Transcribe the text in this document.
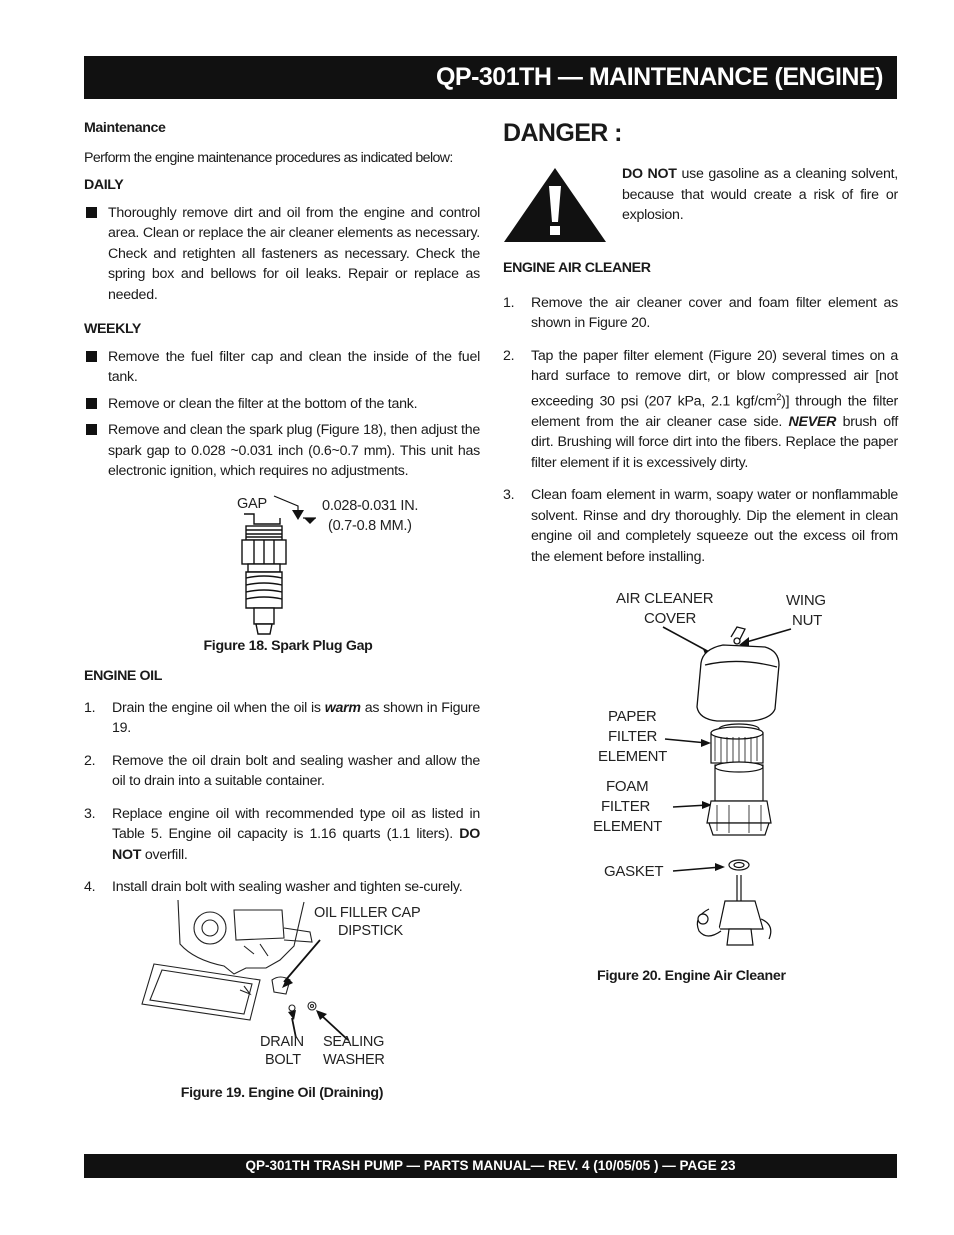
QP-301TH — MAINTENANCE (ENGINE)

Maintenance

Perform the engine maintenance procedures as indicated below:

DAILY

Thoroughly remove dirt and oil from the engine and control area. Clean or replace the air cleaner elements as necessary. Check and retighten all fasteners as necessary. Check the spring box and bellows for oil leaks. Repair or replace as needed.

WEEKLY

Remove the fuel filter cap and clean the inside of the fuel tank.
Remove or clean the filter at the bottom of the tank.
Remove and clean the spark plug (Figure 18), then adjust the spark gap to 0.028 ~0.031 inch (0.6~0.7 mm). This unit has electronic ignition, which requires no adjustments.
GAP	0.028-0.031 IN.
(0.7-0.8 MM.)

Figure 18. Spark Plug Gap

ENGINE OIL

1.	Drain the engine oil when the oil is warm as shown in Figure 19.
2.	Remove the oil drain bolt and sealing washer and allow the oil to drain into a suitable container.
3.	Replace engine oil with recommended type oil as listed in Table 5. Engine oil capacity is 1.16 quarts (1.1 liters). DO NOT overfill.
4.	Install drain bolt with sealing washer and tighten se-curely.
OIL FILLER CAP
DIPSTICK
DRAIN
BOLT
SEALING
WASHER

Figure 19. Engine Oil (Draining)

DANGER :

DO NOT use gasoline as a cleaning solvent, because that would create a risk of fire or explosion.

ENGINE AIR CLEANER

1.	Remove the air cleaner cover and foam filter element as shown in Figure 20.
2.	Tap the paper filter element (Figure 20) several times on a hard surface to remove dirt, or blow compressed air [not exceeding 30 psi (207 kPa, 2.1 kgf/$cm^2$)] through the filter element from the air cleaner case side. NEVER brush off dirt. Brushing will force dirt into the fibers. Replace the paper filter element if it is excessively dirty.
3.	Clean foam element in warm, soapy water or nonflammable solvent. Rinse and dry thoroughly. Dip the element in clean engine oil and completely squeeze out the excess oil from the element before installing.
AIR CLEANER
COVER
WING
NUT
PAPER
FILTER
ELEMENT
FOAM
FILTER
ELEMENT
GASKET

Figure 20. Engine Air Cleaner

QP-301TH TRASH PUMP — PARTS MANUAL— REV. 4 (10/05/05 ) — PAGE 23
